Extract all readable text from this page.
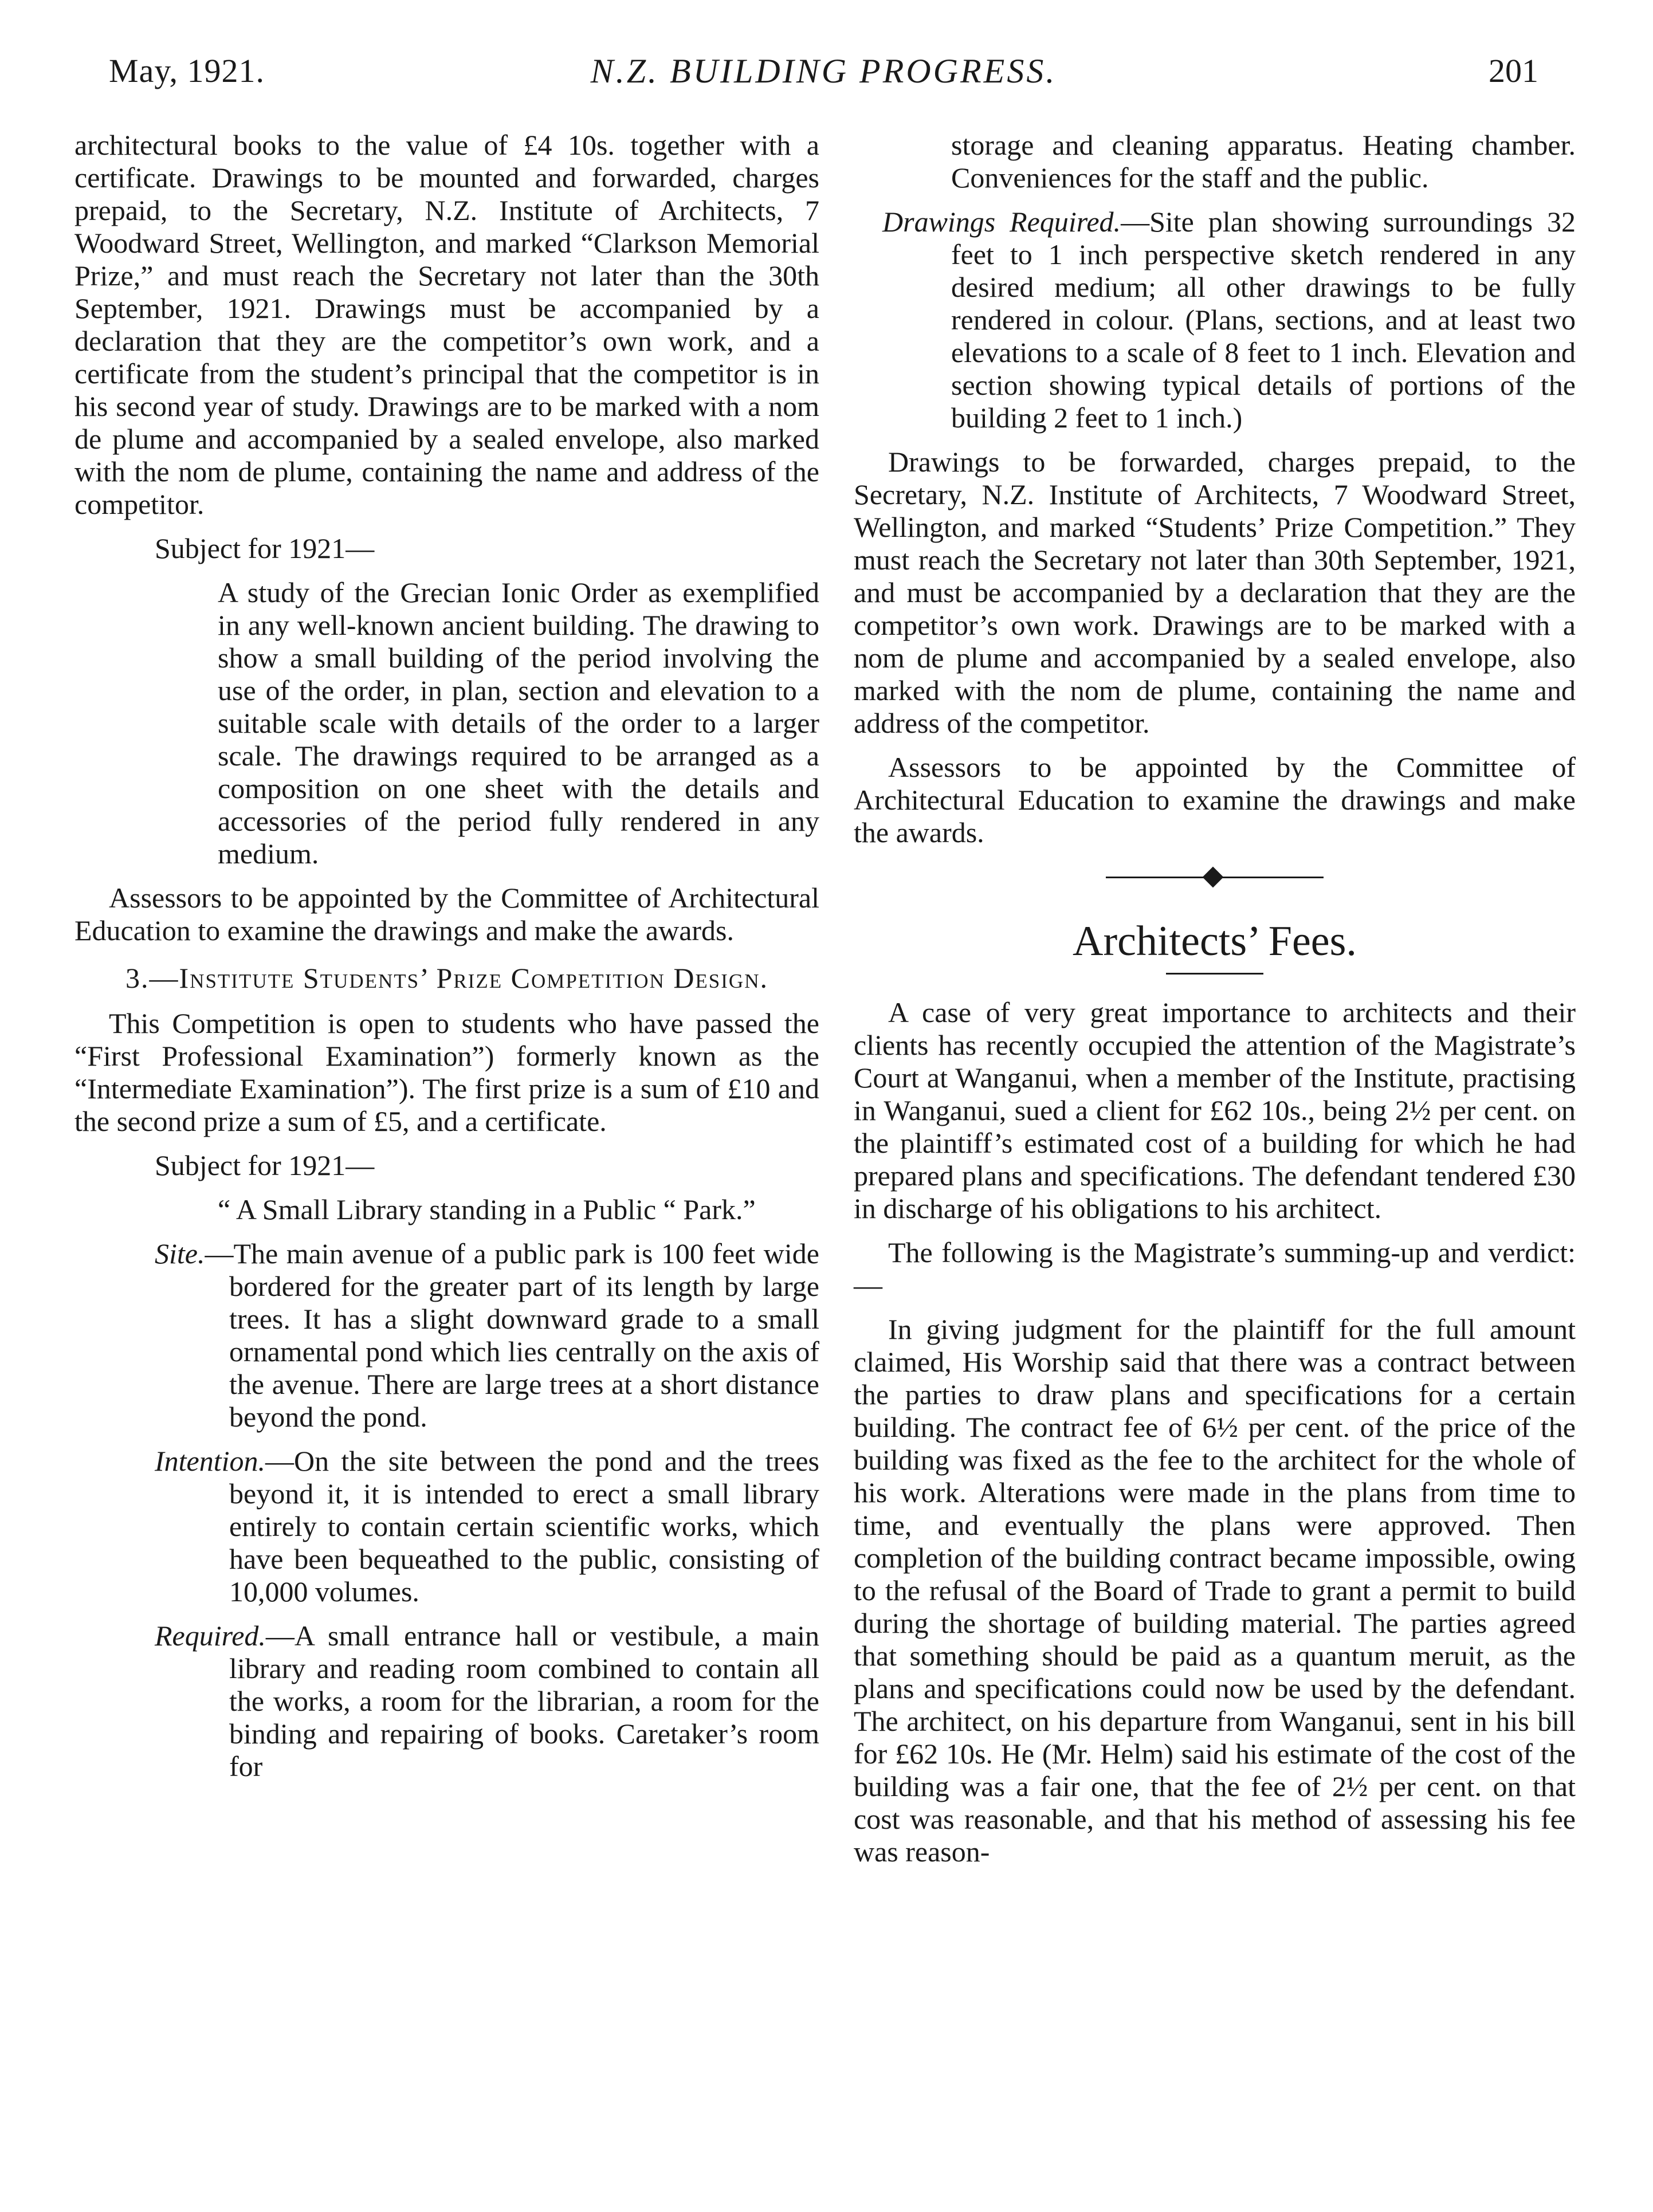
May, 1921.	N.Z. BUILDING PROGRESS.	201

architectural books to the value of £4 10s. together with a certificate. Drawings to be mounted and forwarded, charges prepaid, to the Secretary, N.Z. Institute of Architects, 7 Woodward Street, Wellington, and marked “Clarkson Memorial Prize,” and must reach the Secretary not later than the 30th September, 1921. Drawings must be accompanied by a declaration that they are the competitor’s own work, and a certificate from the student’s principal that the competitor is in his second year of study. Drawings are to be marked with a nom de plume and accompanied by a sealed envelope, also marked with the nom de plume, containing the name and address of the competitor.

Subject for 1921—

A study of the Grecian Ionic Order as exemplified in any well-known ancient building. The drawing to show a small building of the period involving the use of the order, in plan, section and elevation to a suitable scale with details of the order to a larger scale. The drawings required to be arranged as a composition on one sheet with the details and accessories of the period fully rendered in any medium.

Assessors to be appointed by the Committee of Architectural Education to examine the drawings and make the awards.

3.—Institute Students’ Prize Competition Design.

This Competition is open to students who have passed the “First Professional Examination”) formerly known as the “Intermediate Examination”). The first prize is a sum of £10 and the second prize a sum of £5, and a certificate.

Subject for 1921—

“ A Small Library standing in a Public “ Park.”

Site.—The main avenue of a public park is 100 feet wide bordered for the greater part of its length by large trees. It has a slight downward grade to a small ornamental pond which lies centrally on the axis of the avenue. There are large trees at a short distance beyond the pond.

Intention.—On the site between the pond and the trees beyond it, it is intended to erect a small library entirely to contain certain scientific works, which have been bequeathed to the public, consisting of 10,000 volumes.

Required.—A small entrance hall or vestibule, a main library and reading room combined to contain all the works, a room for the librarian, a room for the binding and repairing of books. Caretaker’s room for

storage and cleaning apparatus. Heating chamber. Conveniences for the staff and the public.

Drawings Required.—Site plan showing surroundings 32 feet to 1 inch perspective sketch rendered in any desired medium; all other drawings to be fully rendered in colour. (Plans, sections, and at least two elevations to a scale of 8 feet to 1 inch. Elevation and section showing typical details of portions of the building 2 feet to 1 inch.)

Drawings to be forwarded, charges prepaid, to the Secretary, N.Z. Institute of Architects, 7 Woodward Street, Wellington, and marked “Students’ Prize Competition.” They must reach the Secretary not later than 30th September, 1921, and must be accompanied by a declaration that they are the competitor’s own work. Drawings are to be marked with a nom de plume and accompanied by a sealed envelope, also marked with the nom de plume, containing the name and address of the competitor.

Assessors to be appointed by the Committee of Architectural Education to examine the drawings and make the awards.

Architects’ Fees.

A case of very great importance to architects and their clients has recently occupied the attention of the Magistrate’s Court at Wanganui, when a member of the Institute, practising in Wanganui, sued a client for £62 10s., being 2½ per cent. on the plaintiff’s estimated cost of a building for which he had prepared plans and specifications. The defendant tendered £30 in discharge of his obligations to his architect.

The following is the Magistrate’s summing-up and verdict:—

In giving judgment for the plaintiff for the full amount claimed, His Worship said that there was a contract between the parties to draw plans and specifications for a certain building. The contract fee of 6½ per cent. of the price of the building was fixed as the fee to the architect for the whole of his work. Alterations were made in the plans from time to time, and eventually the plans were approved. Then completion of the building contract became impossible, owing to the refusal of the Board of Trade to grant a permit to build during the shortage of building material. The parties agreed that something should be paid as a quantum meruit, as the plans and specifications could now be used by the defendant. The architect, on his departure from Wanganui, sent in his bill for £62 10s. He (Mr. Helm) said his estimate of the cost of the building was a fair one, that the fee of 2½ per cent. on that cost was reasonable, and that his method of assessing his fee was reason-
